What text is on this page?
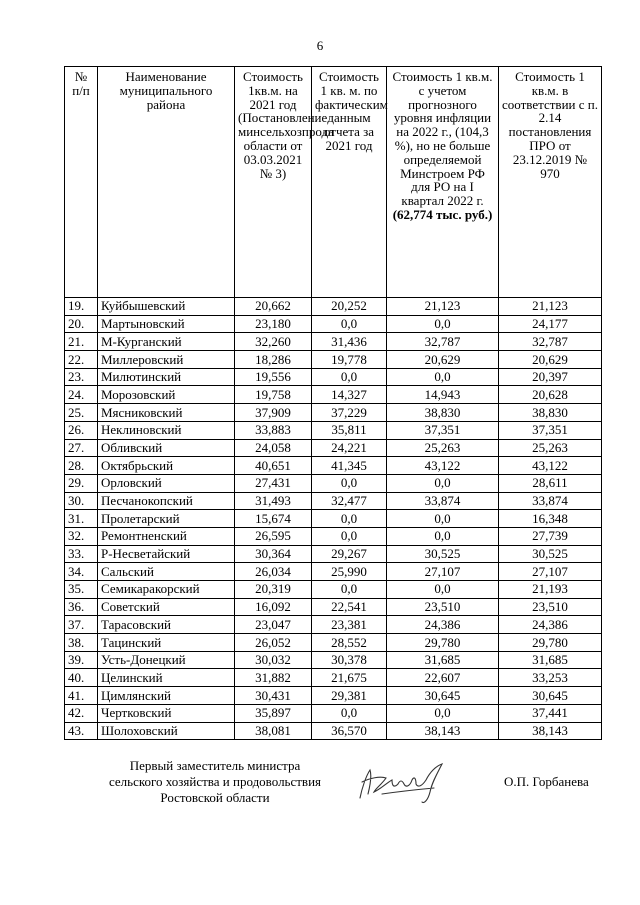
6
№ п/п	Наименование муниципального района	Стоимость 1кв.м. на 2021 год (Постановление минсельхозпрода области от 03.03.2021 № 3)	Стоимость 1 кв. м. по фактическим данным отчета за 2021 год	Стоимость 1 кв.м. с учетом прогнозного уровня инфляции на 2022 г., (104,3 %), но не больше определяемой Минстроем РФ для РО на I квартал 2022 г.(62,774 тыс. руб.)	Стоимость 1 кв.м. в соответствии с п. 2.14 постановления ПРО от 23.12.2019 № 970
19.	Куйбышевский	20,662	20,252	21,123	21,123
20.	Мартыновский	23,180	0,0	0,0	24,177
21.	М-Курганский	32,260	31,436	32,787	32,787
22.	Миллеровский	18,286	19,778	20,629	20,629
23.	Милютинский	19,556	0,0	0,0	20,397
24.	Морозовский	19,758	14,327	14,943	20,628
25.	Мясниковский	37,909	37,229	38,830	38,830
26.	Неклиновский	33,883	35,811	37,351	37,351
27.	Обливский	24,058	24,221	25,263	25,263
28.	Октябрьский	40,651	41,345	43,122	43,122
29.	Орловский	27,431	0,0	0,0	28,611
30.	Песчанокопский	31,493	32,477	33,874	33,874
31.	Пролетарский	15,674	0,0	0,0	16,348
32.	Ремонтненский	26,595	0,0	0,0	27,739
33.	Р-Несветайский	30,364	29,267	30,525	30,525
34.	Сальский	26,034	25,990	27,107	27,107
35.	Семикаракорский	20,319	0,0	0,0	21,193
36.	Советский	16,092	22,541	23,510	23,510
37.	Тарасовский	23,047	23,381	24,386	24,386
38.	Тацинский	26,052	28,552	29,780	29,780
39.	Усть-Донецкий	30,032	30,378	31,685	31,685
40.	Целинский	31,882	21,675	22,607	33,253
41.	Цимлянский	30,431	29,381	30,645	30,645
42.	Чертковский	35,897	0,0	0,0	37,441
43.	Шолоховский	38,081	36,570	38,143	38,143
Первый заместитель министра
сельского хозяйства и продовольствия
Ростовской области
О.П. Горбанева
